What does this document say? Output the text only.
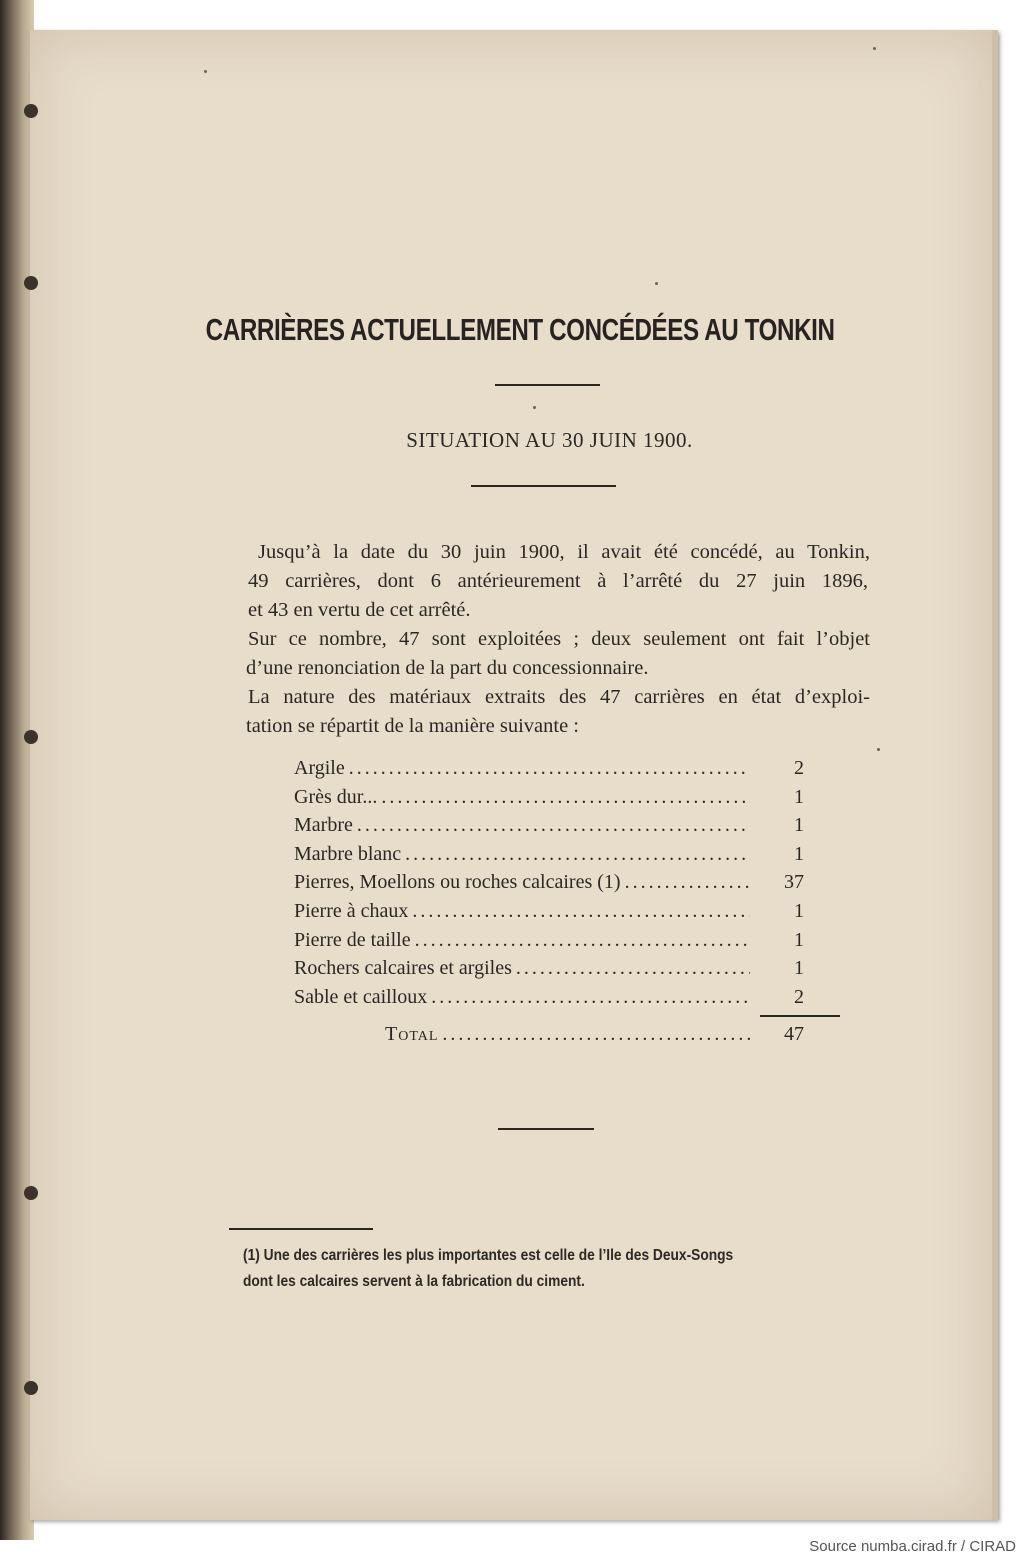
CARRIÈRES ACTUELLEMENT CONCÉDÉES AU TONKIN
SITUATION AU 30 JUIN 1900.
Jusqu’à la date du 30 juin 1900, il avait été concédé, au Tonkin,
49 carrières, dont 6 antérieurement à l’arrêté du 27 juin 1896,
et 43 en vertu de cet arrêté.
Sur ce nombre, 47 sont exploitées ; deux seulement ont fait l’objet
d’une renonciation de la part du concessionnaire.
La nature des matériaux extraits des 47 carrières en état d’exploi-
tation se répartit de la manière suivante :
Argile .....	2
Grès dur... .....	1
Marbre .....	1
Marbre blanc .....	1
Pierres, Moellons ou roches calcaires (1) .....	37
Pierre à chaux .....	1
Pierre de taille .....	1
Rochers calcaires et argiles .....	1
Sable et cailloux .....	2
Total .....	47
(1) Une des carrières les plus importantes est celle de l’Ile des Deux-Songs
dont les calcaires servent à la fabrication du ciment.
Source numba.cirad.fr / CIRAD
